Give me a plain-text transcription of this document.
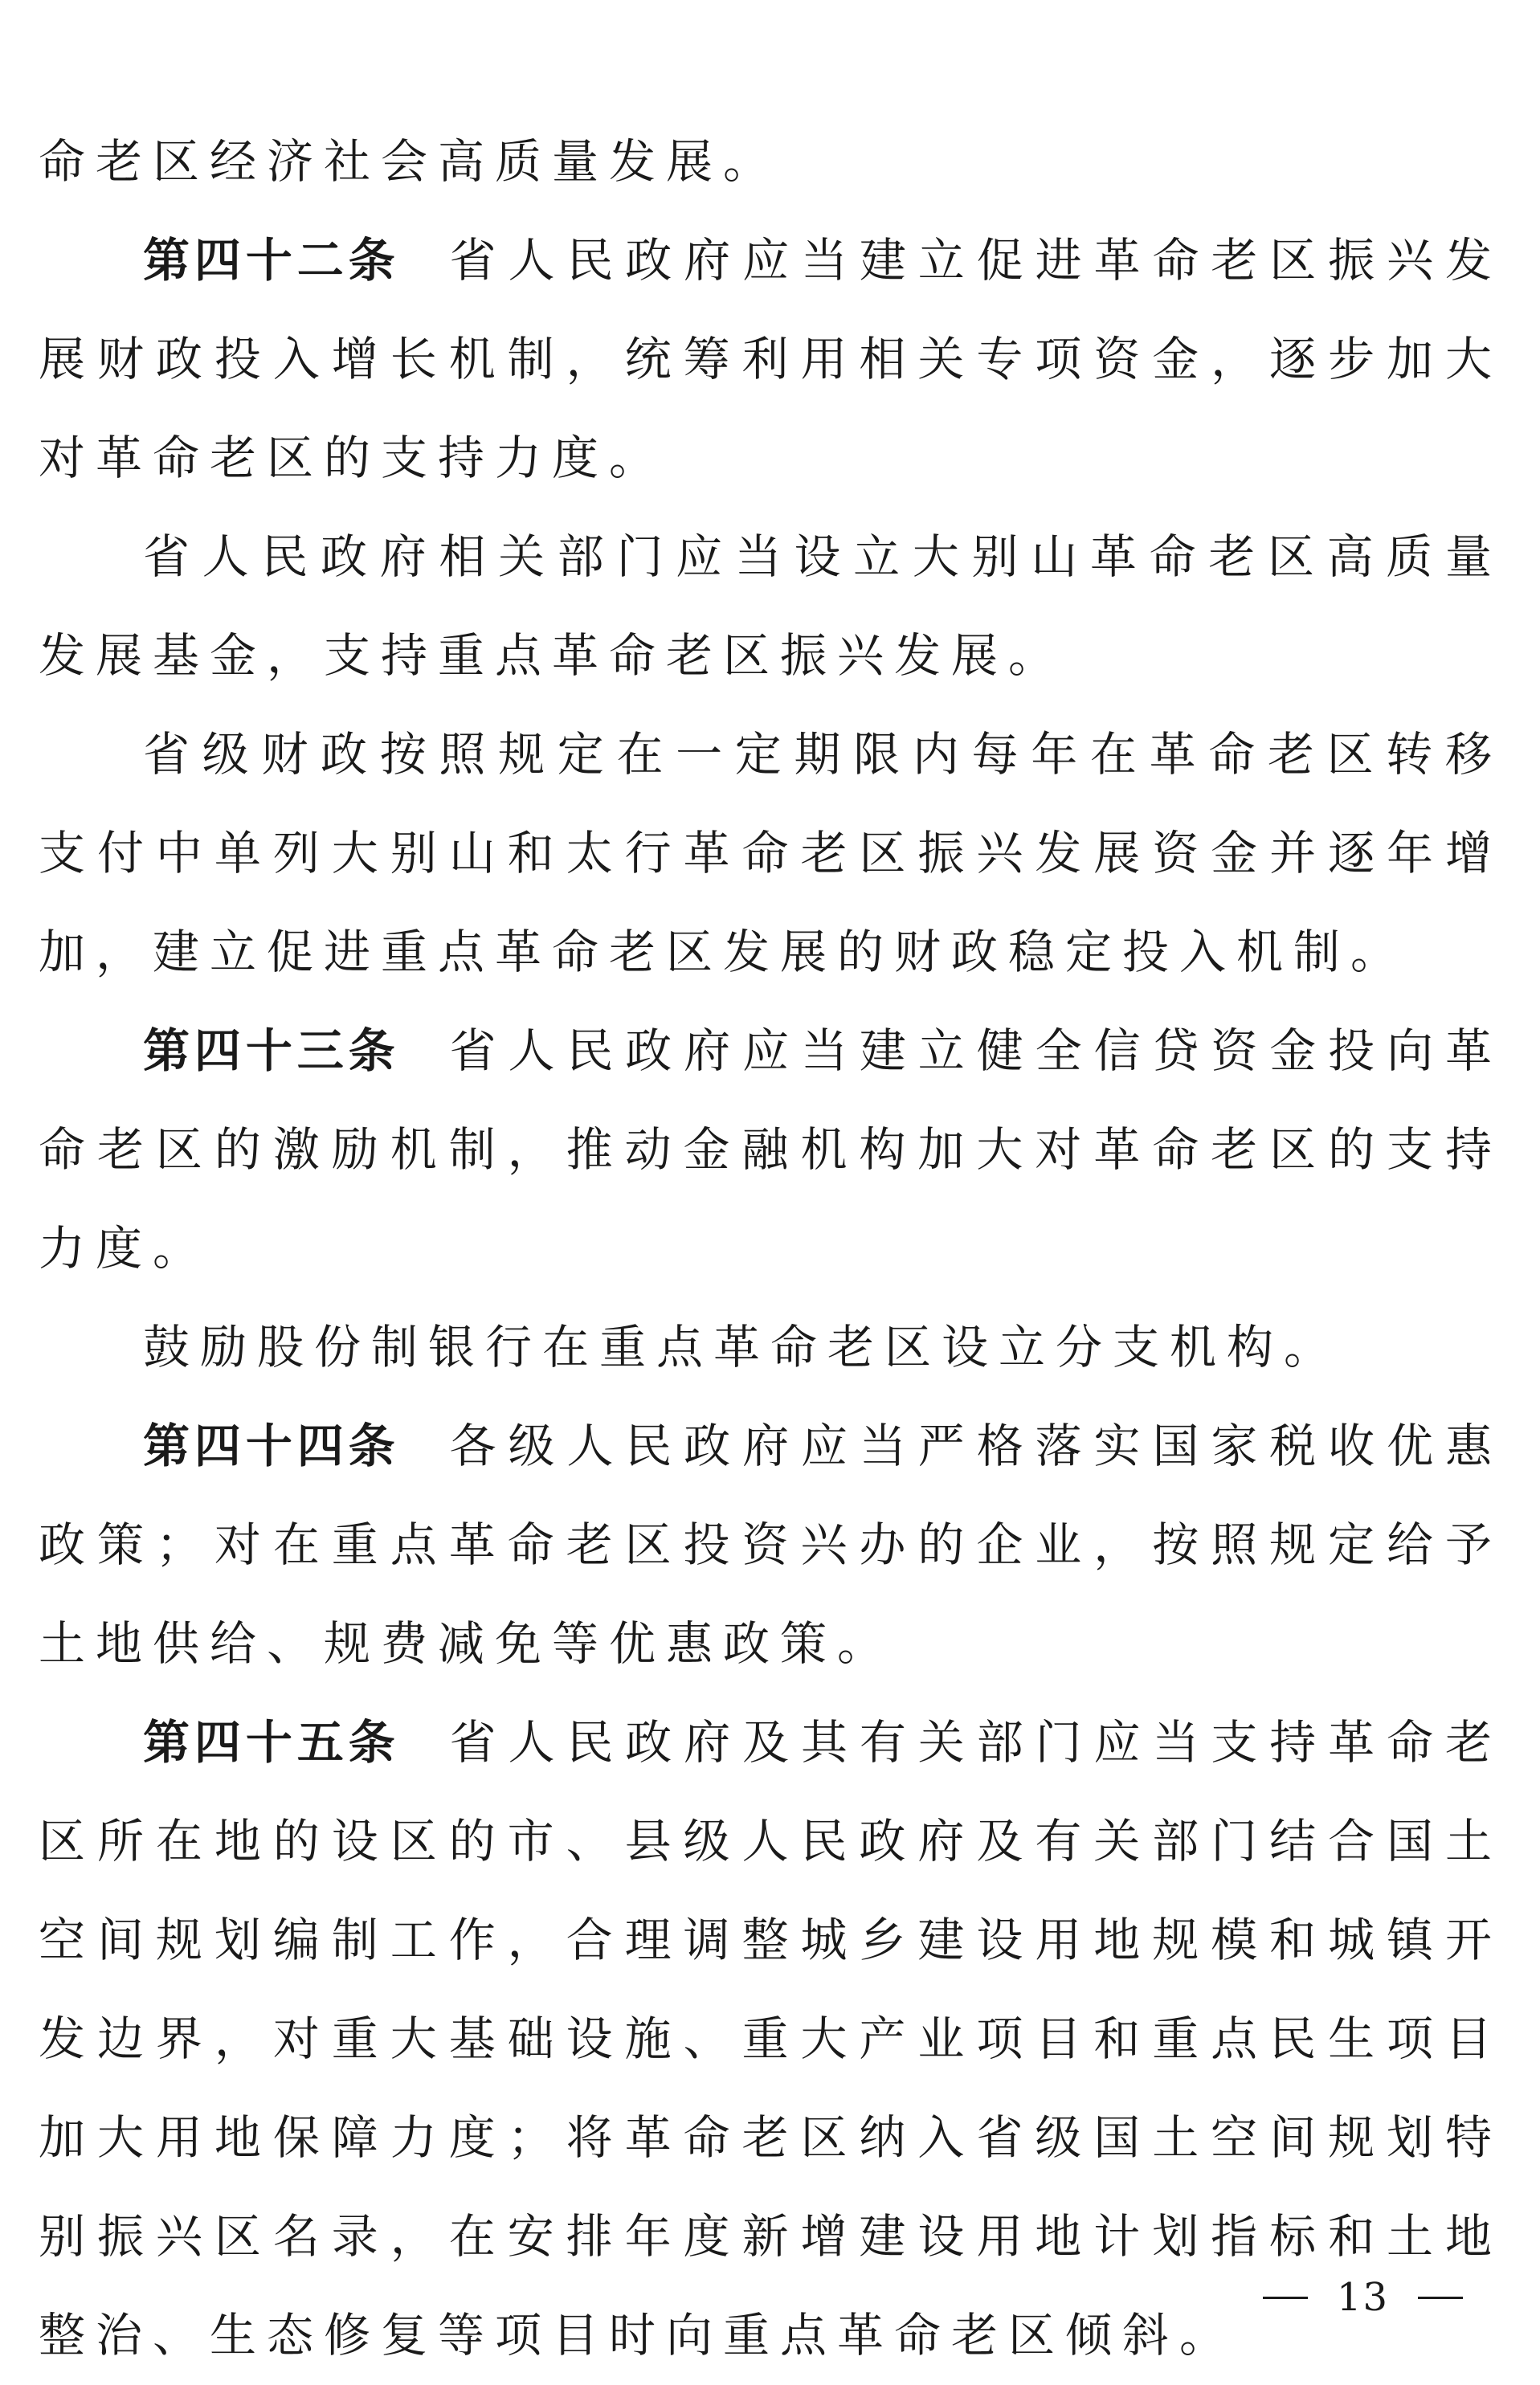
命老区经济社会高质量发展。

第四十二条 省人民政府应当建立促进革命老区振兴发展财政投入增长机制，统筹利用相关专项资金，逐步加大对革命老区的支持力度。

省人民政府相关部门应当设立大别山革命老区高质量发展基金，支持重点革命老区振兴发展。

省级财政按照规定在一定期限内每年在革命老区转移支付中单列大别山和太行革命老区振兴发展资金并逐年增加，建立促进重点革命老区发展的财政稳定投入机制。

第四十三条 省人民政府应当建立健全信贷资金投向革命老区的激励机制，推动金融机构加大对革命老区的支持力度。

鼓励股份制银行在重点革命老区设立分支机构。

第四十四条 各级人民政府应当严格落实国家税收优惠政策；对在重点革命老区投资兴办的企业，按照规定给予土地供给、规费减免等优惠政策。

第四十五条 省人民政府及其有关部门应当支持革命老区所在地的设区的市、县级人民政府及有关部门结合国土空间规划编制工作，合理调整城乡建设用地规模和城镇开发边界，对重大基础设施、重大产业项目和重点民生项目加大用地保障力度；将革命老区纳入省级国土空间规划特别振兴区名录，在安排年度新增建设用地计划指标和土地整治、生态修复等项目时向重点革命老区倾斜。

13
